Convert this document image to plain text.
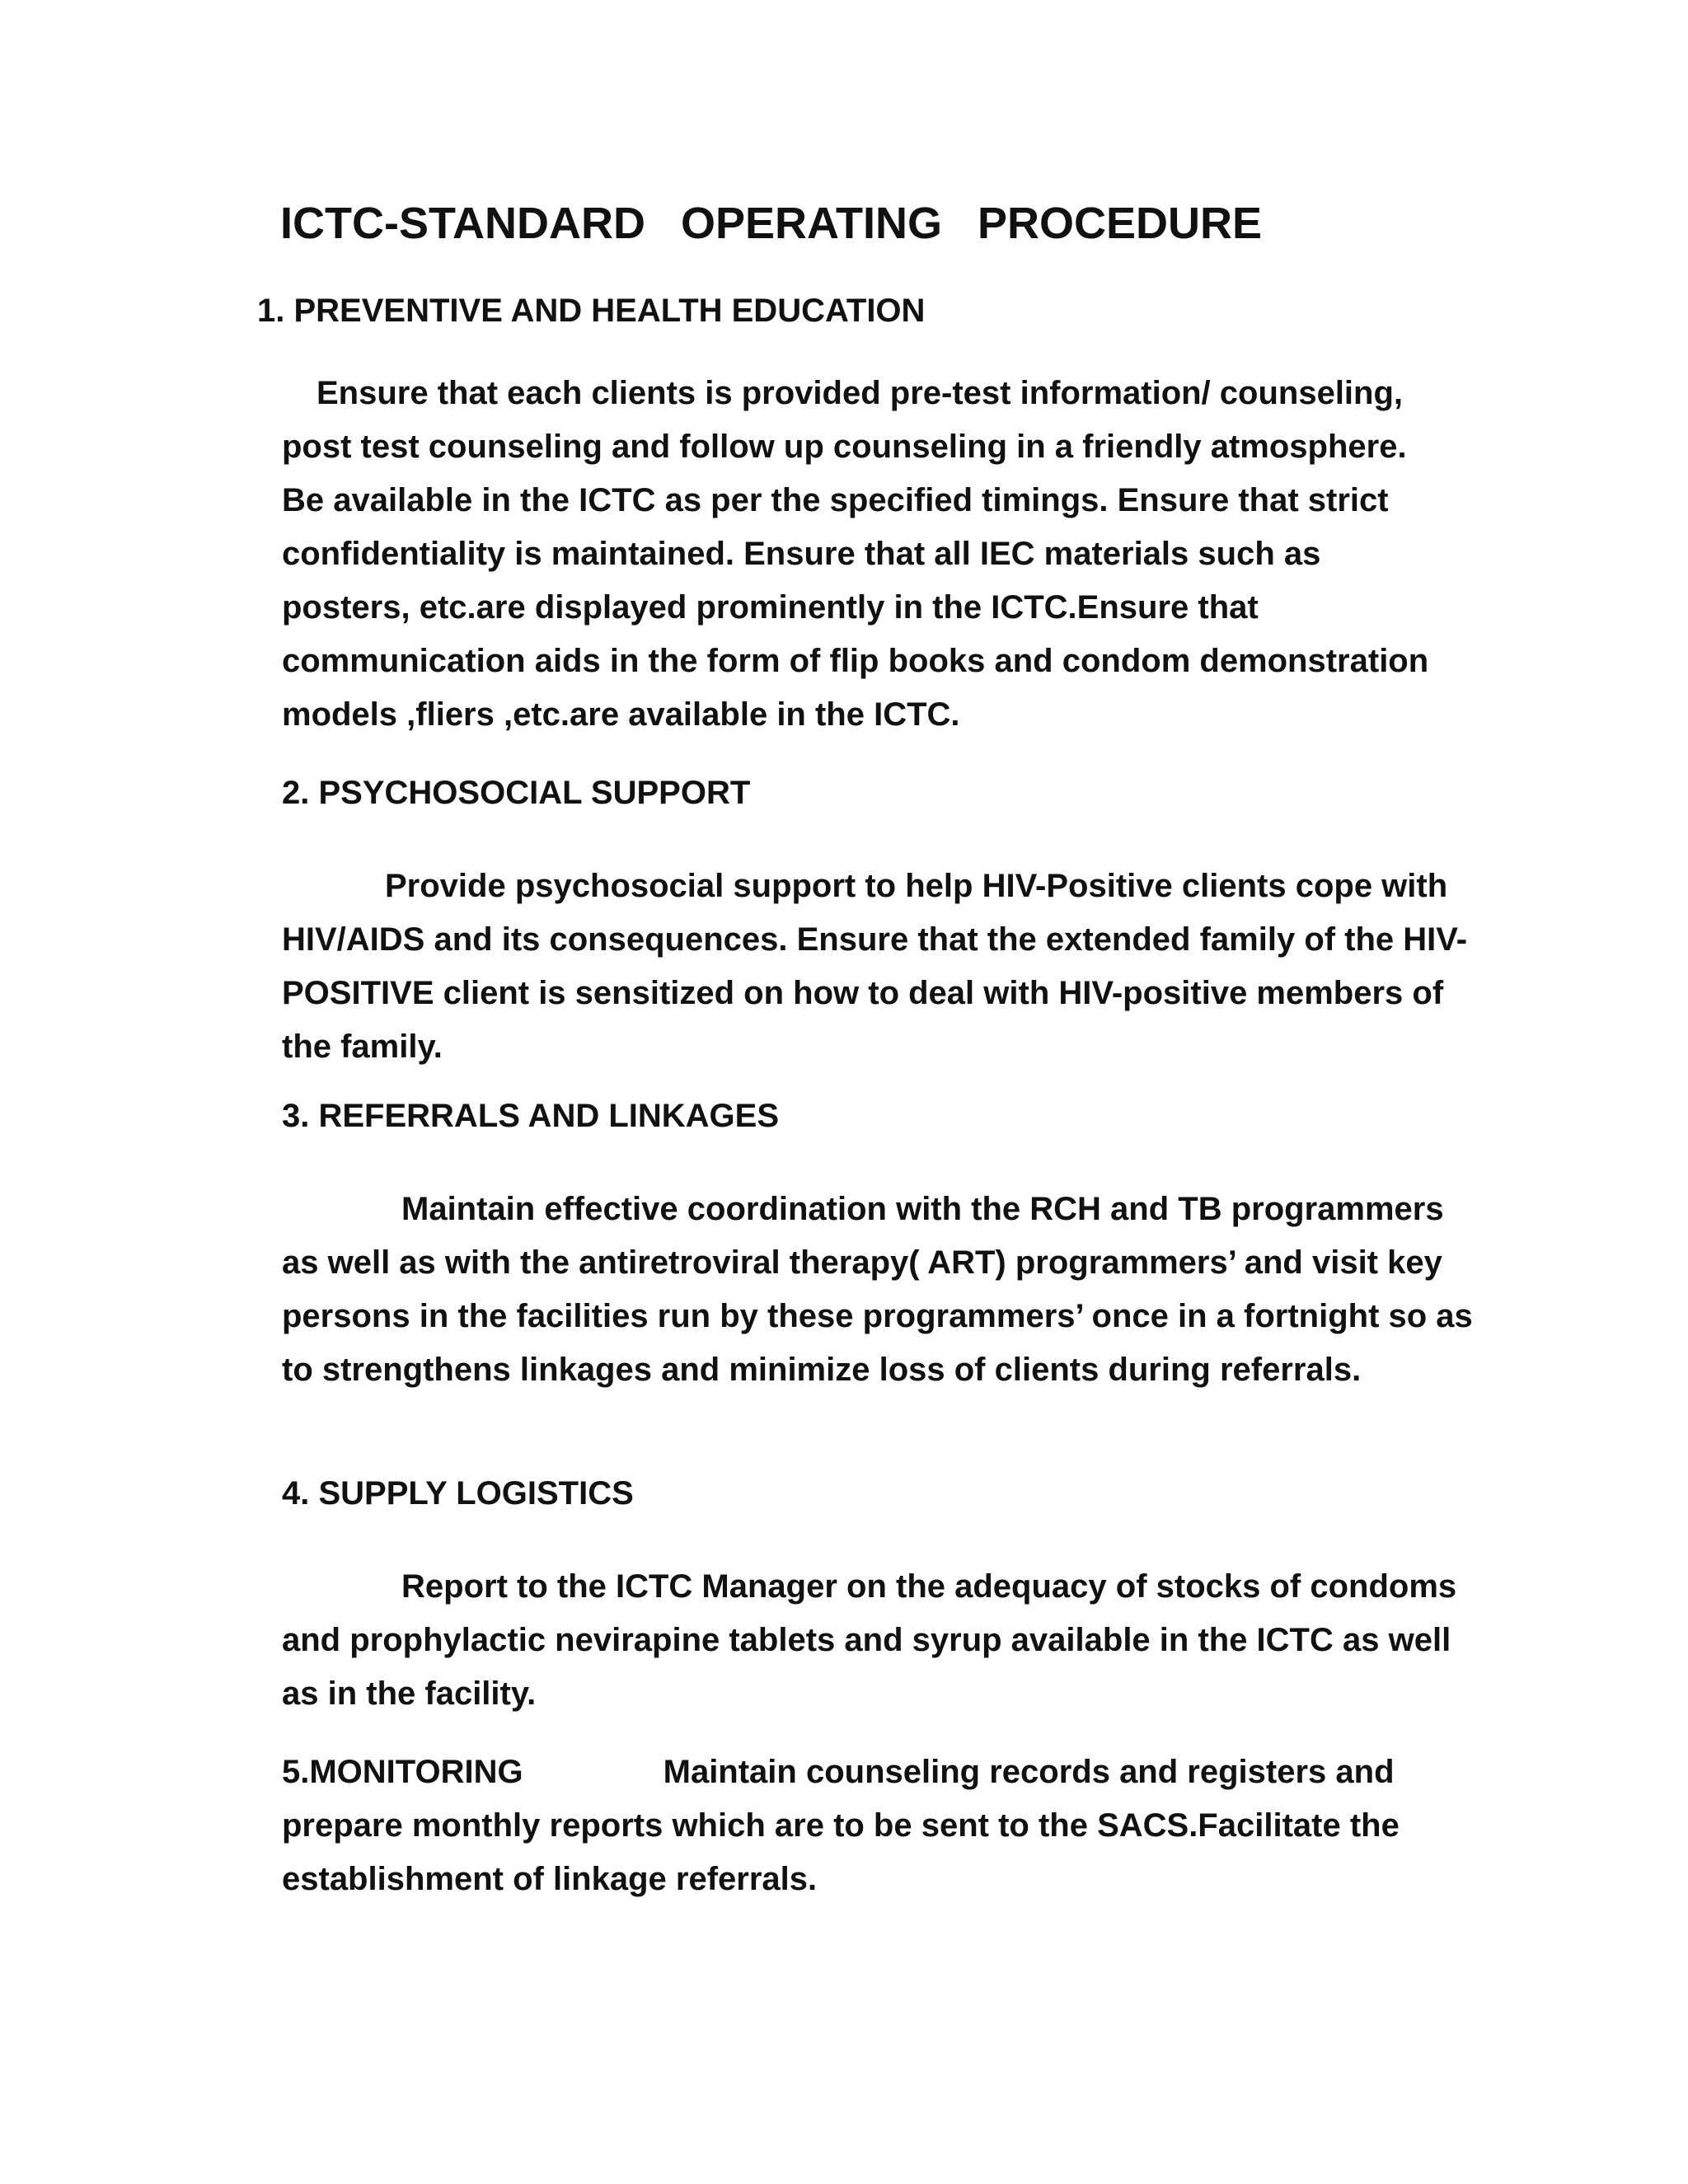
ICTC-STANDARD OPERATING PROCEDURE
1. PREVENTIVE AND HEALTH EDUCATION

Ensure that each clients is provided pre-test information/ counseling, post test counseling and follow up counseling in a friendly atmosphere. Be available in the ICTC as per the specified timings. Ensure that strict confidentiality is maintained. Ensure that all IEC materials such as posters, etc.are displayed prominently in the ICTC.Ensure that communication aids in the form of flip books and condom demonstration models ,fliers ,etc.are available in the ICTC.

2. PSYCHOSOCIAL SUPPORT

Provide psychosocial support to help HIV-Positive clients cope with HIV/AIDS and its consequences. Ensure that the extended family of the HIV-POSITIVE client is sensitized on how to deal with HIV-positive members of the family.

3. REFERRALS AND LINKAGES

Maintain effective coordination with the RCH and TB programmers as well as with the antiretroviral therapy( ART) programmers’ and visit key persons in the facilities run by these programmers’ once in a fortnight so as to strengthens linkages and minimize loss of clients during referrals.

4. SUPPLY LOGISTICS

Report to the ICTC Manager on the adequacy of stocks of condoms and prophylactic nevirapine tablets and syrup available in the ICTC as well as in the facility.

5.MONITORING	Maintain counseling records and registers and prepare monthly reports which are to be sent to the SACS.Facilitate the establishment of linkage referrals.
